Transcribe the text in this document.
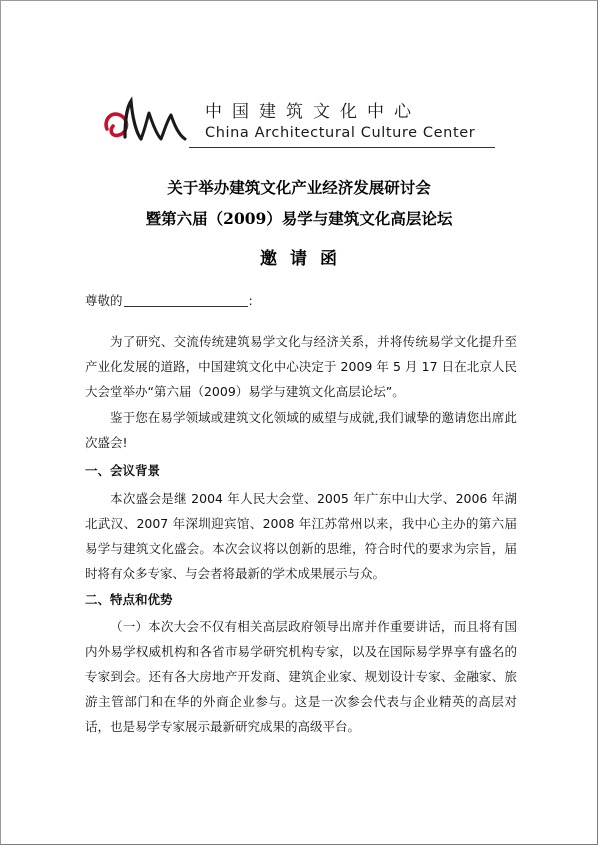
中国建筑文化中心
China Architectural Culture Center
关于举办建筑文化产业经济发展研讨会
暨第六届（2009）易学与建筑文化高层论坛
邀请函
尊敬的	:
为了研究、交流传统建筑易学文化与经济关系，并将传统易学文化提升至产业化发展的道路，中国建筑文化中心决定于 2009 年 5 月 17 日在北京人民大会堂举办“第六届（2009）易学与建筑文化高层论坛”。
鉴于您在易学领域或建筑文化领域的威望与成就,我们诚挚的邀请您出席此次盛会!
一、会议背景
本次盛会是继 2004 年人民大会堂、2005 年广东中山大学、2006 年湖北武汉、2007 年深圳迎宾馆、2008 年江苏常州以来，我中心主办的第六届易学与建筑文化盛会。本次会议将以创新的思维，符合时代的要求为宗旨，届时将有众多专家、与会者将最新的学术成果展示与众。
二、特点和优势
（一）本次大会不仅有相关高层政府领导出席并作重要讲话，而且将有国内外易学权威机构和各省市易学研究机构专家，以及在国际易学界享有盛名的专家到会。还有各大房地产开发商、建筑企业家、规划设计专家、金融家、旅游主管部门和在华的外商企业参与。这是一次参会代表与企业精英的高层对话，也是易学专家展示最新研究成果的高级平台。
